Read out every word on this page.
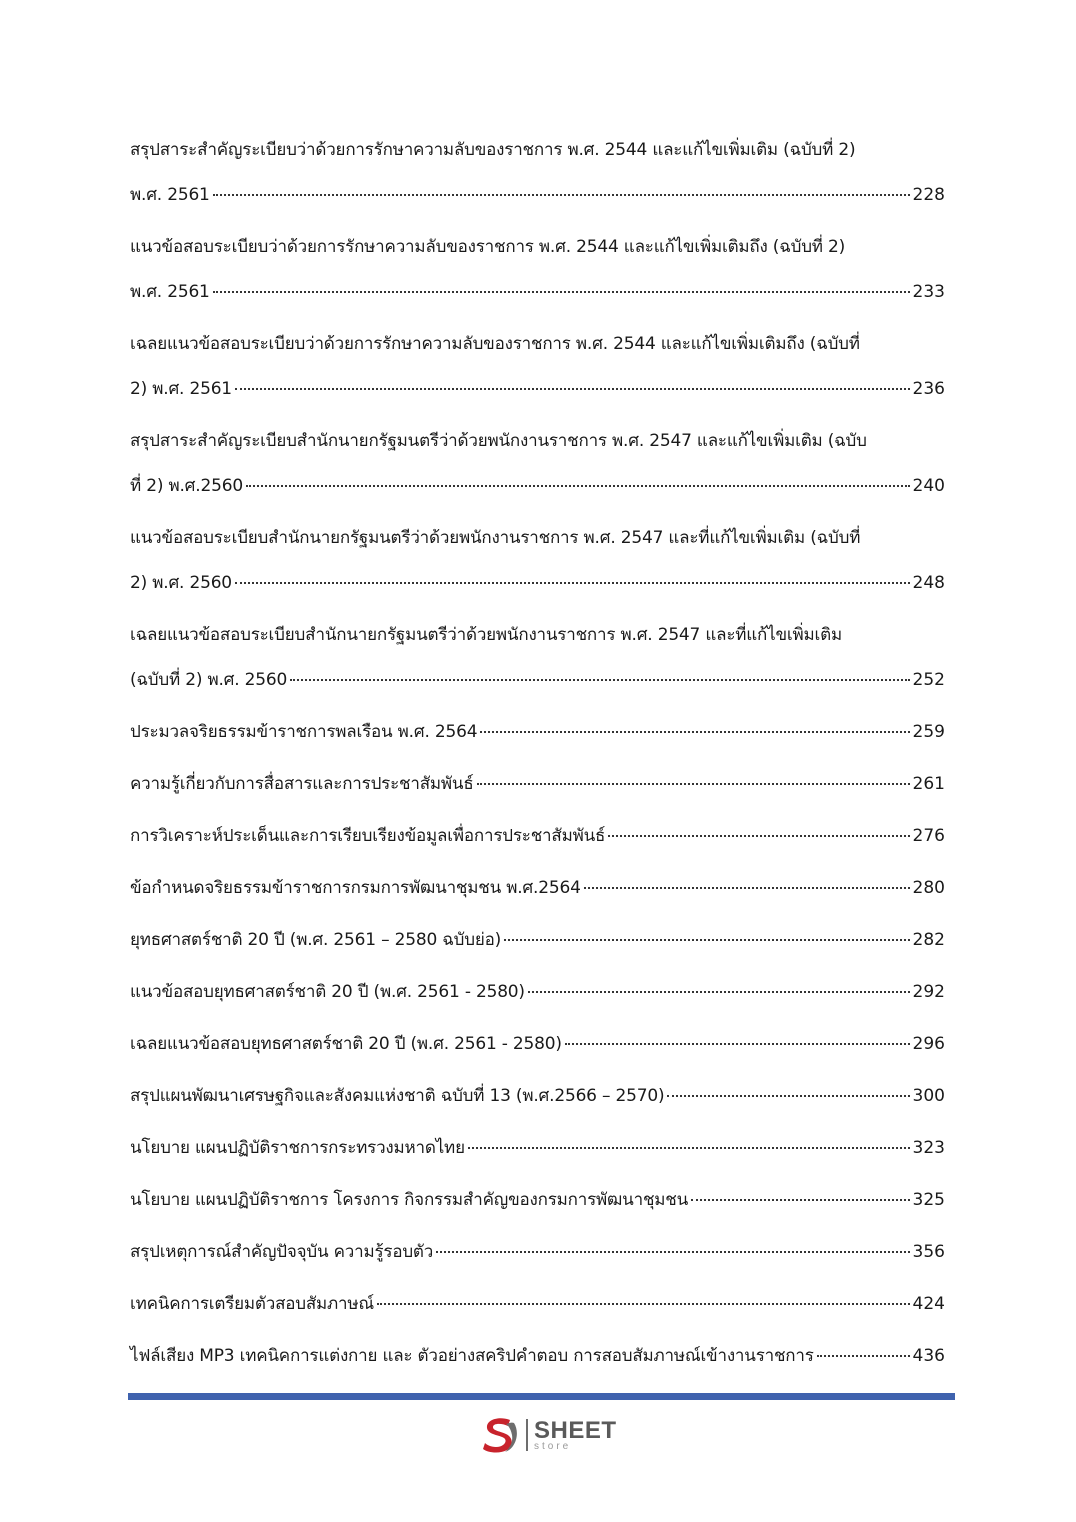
สรุปสาระสำคัญระเบียบว่าด้วยการรักษาความลับของราชการ พ.ศ. 2544 และแก้ไขเพิ่มเติม (ฉบับที่ 2)
พ.ศ. 2561	228
แนวข้อสอบระเบียบว่าด้วยการรักษาความลับของราชการ พ.ศ. 2544 และแก้ไขเพิ่มเติมถึง (ฉบับที่ 2)
พ.ศ. 2561	233
เฉลยแนวข้อสอบระเบียบว่าด้วยการรักษาความลับของราชการ พ.ศ. 2544 และแก้ไขเพิ่มเติมถึง (ฉบับที่
2) พ.ศ. 2561	236
สรุปสาระสำคัญระเบียบสำนักนายกรัฐมนตรีว่าด้วยพนักงานราชการ พ.ศ. 2547 และแก้ไขเพิ่มเติม (ฉบับ
ที่ 2) พ.ศ.2560	240
แนวข้อสอบระเบียบสำนักนายกรัฐมนตรีว่าด้วยพนักงานราชการ พ.ศ. 2547 และที่แก้ไขเพิ่มเติม (ฉบับที่
2) พ.ศ. 2560	248
เฉลยแนวข้อสอบระเบียบสำนักนายกรัฐมนตรีว่าด้วยพนักงานราชการ พ.ศ. 2547 และที่แก้ไขเพิ่มเติม
(ฉบับที่ 2) พ.ศ. 2560	252
ประมวลจริยธรรมข้าราชการพลเรือน พ.ศ. 2564	259
ความรู้เกี่ยวกับการสื่อสารและการประชาสัมพันธ์	261
การวิเคราะห์ประเด็นและการเรียบเรียงข้อมูลเพื่อการประชาสัมพันธ์	276
ข้อกำหนดจริยธรรมข้าราชการกรมการพัฒนาชุมชน พ.ศ.2564	280
ยุทธศาสตร์ชาติ 20 ปี (พ.ศ. 2561 – 2580 ฉบับย่อ)	282
แนวข้อสอบยุทธศาสตร์ชาติ 20 ปี (พ.ศ. 2561 - 2580)	292
เฉลยแนวข้อสอบยุทธศาสตร์ชาติ 20 ปี (พ.ศ. 2561 - 2580)	296
สรุปแผนพัฒนาเศรษฐกิจและสังคมแห่งชาติ ฉบับที่ 13 (พ.ศ.2566 – 2570)	300
นโยบาย แผนปฏิบัติราชการกระทรวงมหาดไทย	323
นโยบาย แผนปฏิบัติราชการ โครงการ กิจกรรมสำคัญของกรมการพัฒนาชุมชน	325
สรุปเหตุการณ์สำคัญปัจจุบัน ความรู้รอบตัว	356
เทคนิคการเตรียมตัวสอบสัมภาษณ์	424
ไฟล์เสียง MP3 เทคนิคการแต่งกาย และ ตัวอย่างสคริปคำตอบ การสอบสัมภาษณ์เข้างานราชการ	436
SHEET
store
